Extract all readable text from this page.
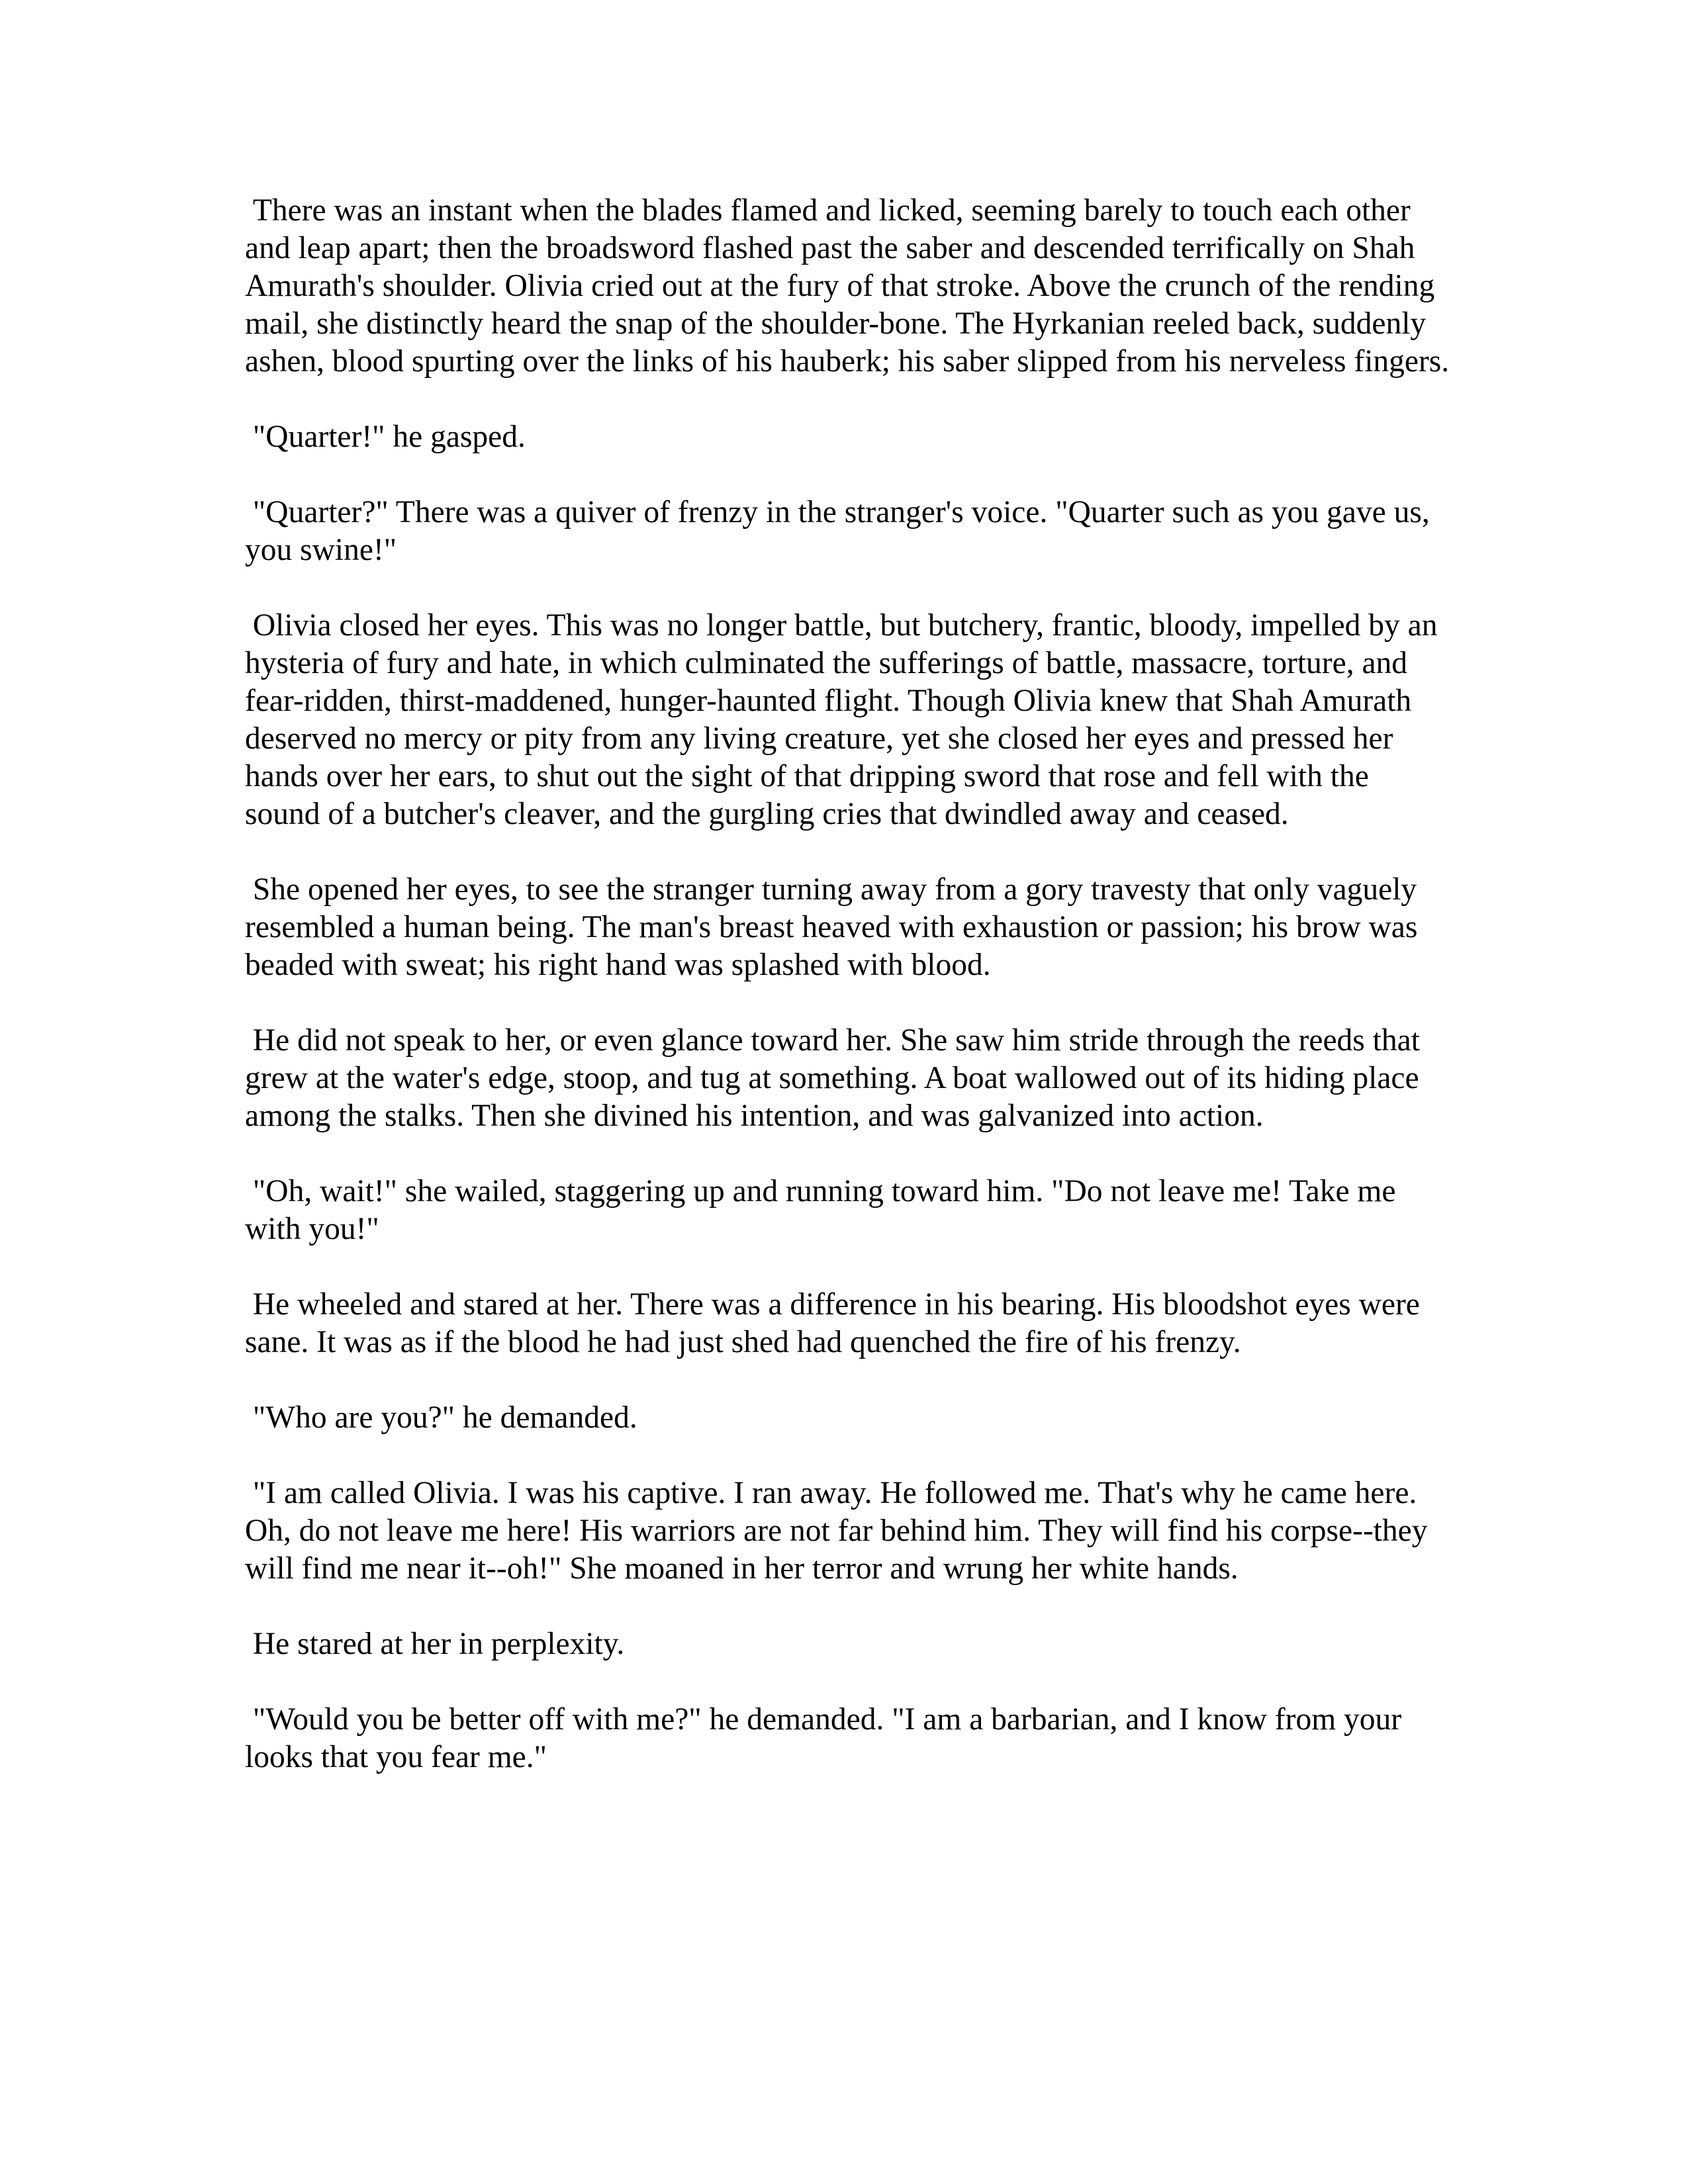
There was an instant when the blades flamed and licked, seeming barely to touch each other and leap apart; then the broadsword flashed past the saber and descended terrifically on Shah Amurath's shoulder. Olivia cried out at the fury of that stroke. Above the crunch of the rending mail, she distinctly heard the snap of the shoulder-bone. The Hyrkanian reeled back, suddenly ashen, blood spurting over the links of his hauberk; his saber slipped from his nerveless fingers.

"Quarter!" he gasped.

"Quarter?" There was a quiver of frenzy in the stranger's voice. "Quarter such as you gave us, you swine!"

Olivia closed her eyes. This was no longer battle, but butchery, frantic, bloody, impelled by an hysteria of fury and hate, in which culminated the sufferings of battle, massacre, torture, and fear-ridden, thirst-maddened, hunger-haunted flight. Though Olivia knew that Shah Amurath deserved no mercy or pity from any living creature, yet she closed her eyes and pressed her hands over her ears, to shut out the sight of that dripping sword that rose and fell with the sound of a butcher's cleaver, and the gurgling cries that dwindled away and ceased.

She opened her eyes, to see the stranger turning away from a gory travesty that only vaguely resembled a human being. The man's breast heaved with exhaustion or passion; his brow was beaded with sweat; his right hand was splashed with blood.

He did not speak to her, or even glance toward her. She saw him stride through the reeds that grew at the water's edge, stoop, and tug at something. A boat wallowed out of its hiding place among the stalks. Then she divined his intention, and was galvanized into action.

"Oh, wait!" she wailed, staggering up and running toward him. "Do not leave me! Take me with you!"

He wheeled and stared at her. There was a difference in his bearing. His bloodshot eyes were sane. It was as if the blood he had just shed had quenched the fire of his frenzy.

"Who are you?" he demanded.

"I am called Olivia. I was his captive. I ran away. He followed me. That's why he came here. Oh, do not leave me here! His warriors are not far behind him. They will find his corpse--they will find me near it--oh!" She moaned in her terror and wrung her white hands.

He stared at her in perplexity.

"Would you be better off with me?" he demanded. "I am a barbarian, and I know from your looks that you fear me."
